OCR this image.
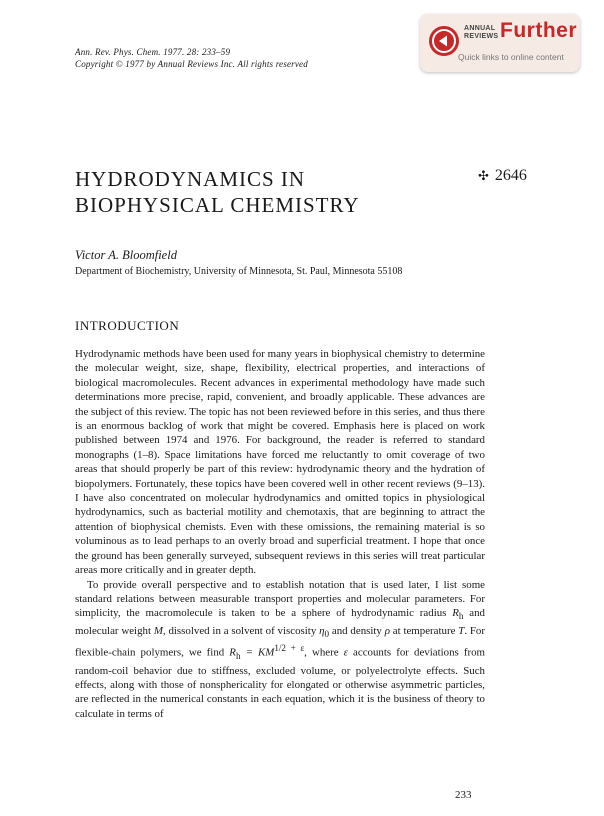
Ann. Rev. Phys. Chem. 1977. 28: 233–59
Copyright © 1977 by Annual Reviews Inc. All rights reserved
ANNUAL
REVIEWS Further
Quick links to online content
HYDRODYNAMICS IN
BIOPHYSICAL CHEMISTRY
✣ 2646
Victor A. Bloomfield
Department of Biochemistry, University of Minnesota, St. Paul, Minnesota 55108
INTRODUCTION

Hydrodynamic methods have been used for many years in biophysical chemistry to determine the molecular weight, size, shape, flexibility, electrical properties, and interactions of biological macromolecules. Recent advances in experimental methodology have made such determinations more precise, rapid, convenient, and broadly applicable. These advances are the subject of this review. The topic has not been reviewed before in this series, and thus there is an enormous backlog of work that might be covered. Emphasis here is placed on work published between 1974 and 1976. For background, the reader is referred to standard monographs (1–8). Space limitations have forced me reluctantly to omit coverage of two areas that should properly be part of this review: hydrodynamic theory and the hydration of biopolymers. Fortunately, these topics have been covered well in other recent reviews (9–13). I have also concentrated on molecular hydrodynamics and omitted topics in physiological hydrodynamics, such as bacterial motility and chemotaxis, that are beginning to attract the attention of biophysical chemists. Even with these omissions, the remaining material is so voluminous as to lead perhaps to an overly broad and superficial treatment. I hope that once the ground has been generally surveyed, subsequent reviews in this series will treat particular areas more critically and in greater depth.

To provide overall perspective and to establish notation that is used later, I list some standard relations between measurable transport properties and molecular parameters. For simplicity, the macromolecule is taken to be a sphere of hydrodynamic radius $R_h$ and molecular weight M, dissolved in a solvent of viscosity $\eta_0$ and density ρ at temperature T. For flexible-chain polymers, we find $R_h = KM^{1/2 + \varepsilon}$, where ε accounts for deviations from random-coil behavior due to stiffness, excluded volume, or polyelectrolyte effects. Such effects, along with those of nonsphericality for elongated or otherwise asymmetric particles, are reflected in the numerical constants in each equation, which it is the business of theory to calculate in terms of

233
